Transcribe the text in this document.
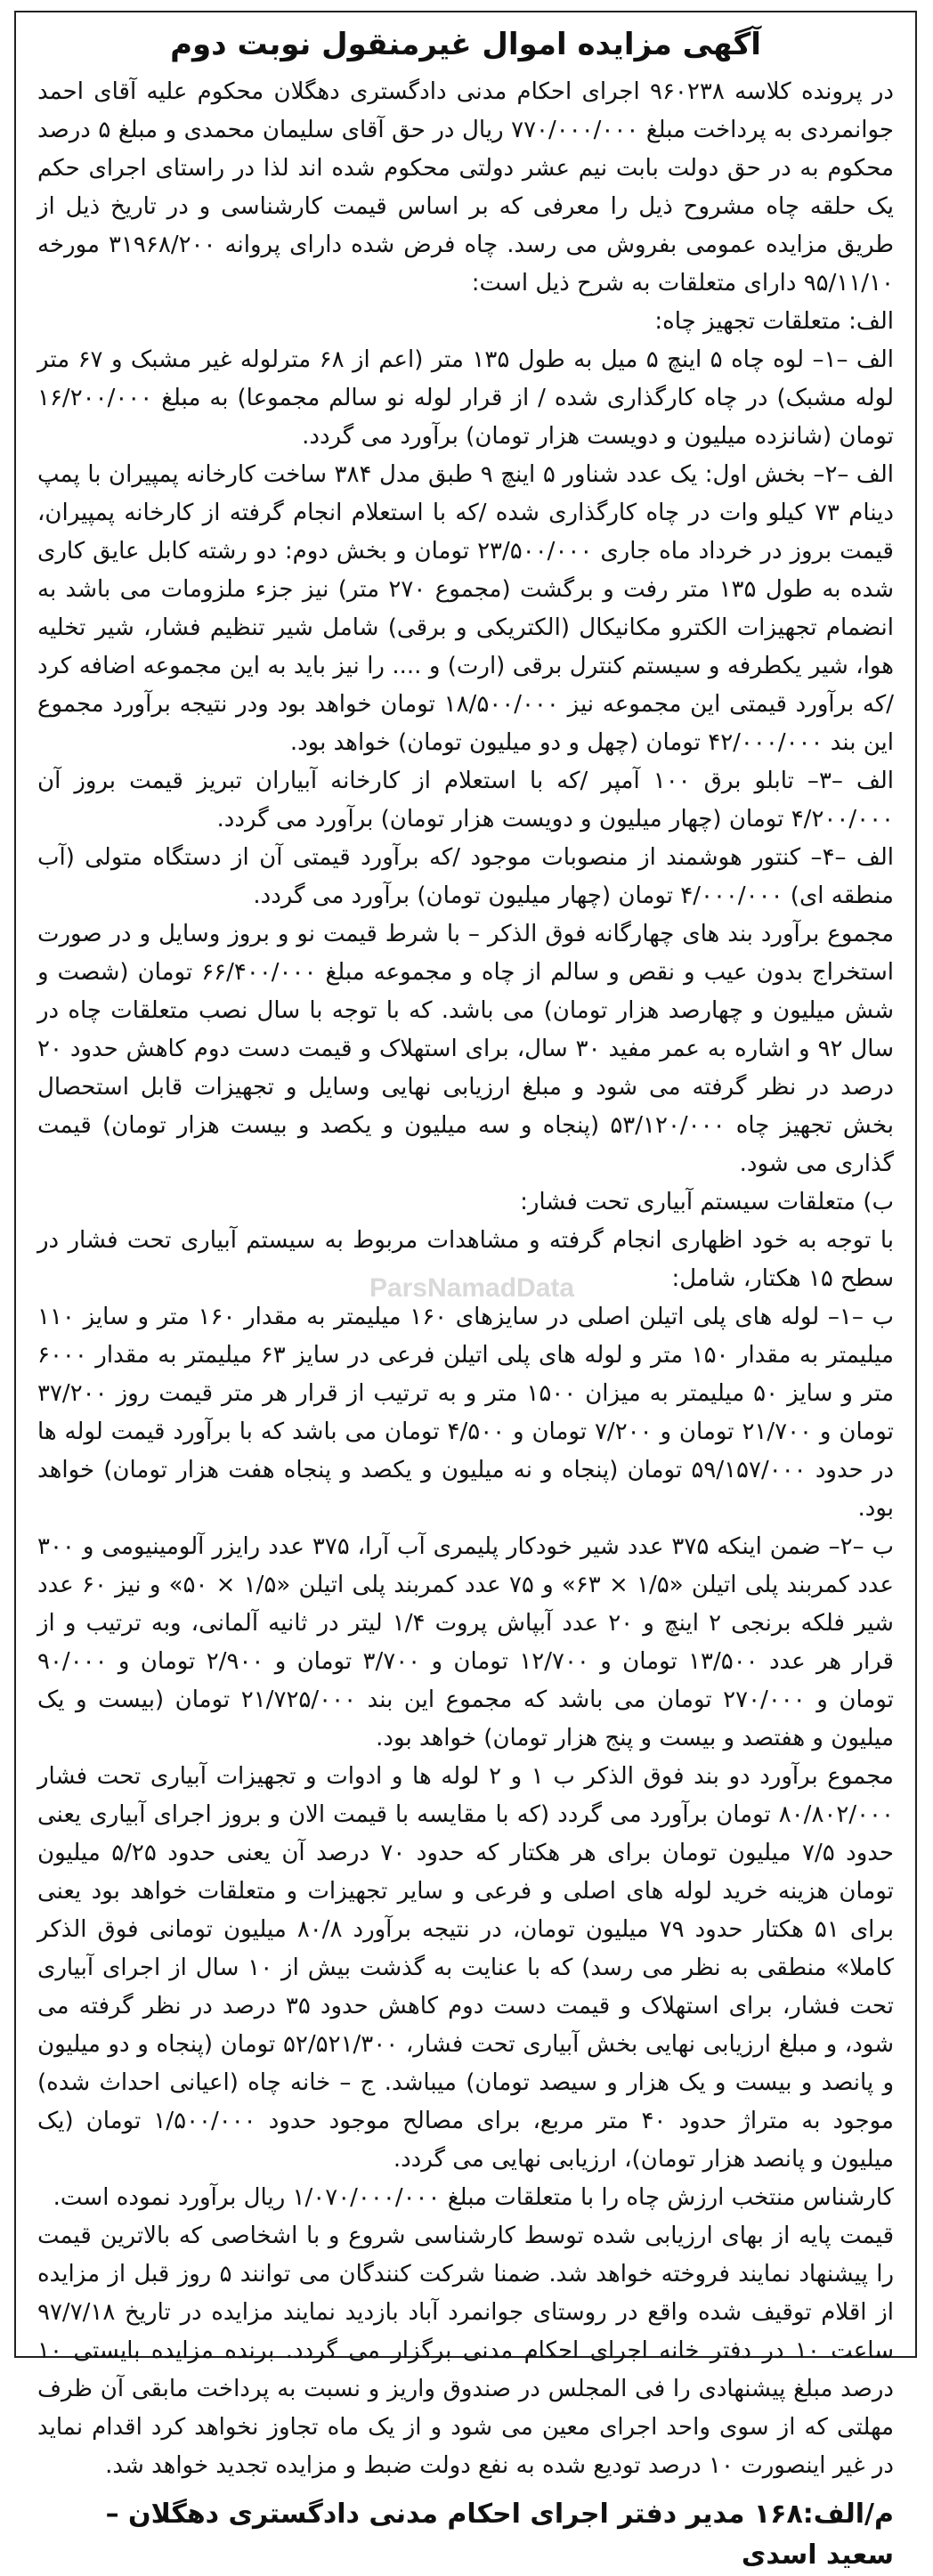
آگهی مزایده اموال غیرمنقول نوبت دوم

در پرونده کلاسه ۹۶۰۲۳۸ اجرای احکام مدنی دادگستری دهگلان محکوم علیه آقای احمد جوانمردی به پرداخت مبلغ ۷۷۰/۰۰۰/۰۰۰ ریال در حق آقای سلیمان محمدی و مبلغ ۵ درصد محکوم به در حق دولت بابت نیم عشر دولتی محکوم شده اند لذا در راستای اجرای حکم یک حلقه چاه مشروح ذیل را معرفی که بر اساس قیمت کارشناسی و در تاریخ ذیل از طریق مزایده عمومی بفروش می رسد. چاه فرض شده دارای پروانه ۳۱۹۶۸/۲۰۰ مورخه ۹۵/۱۱/۱۰ دارای متعلقات به شرح ذیل است:

الف: متعلقات تجهیز چاه:

الف –۱– لوه چاه ۵ اینچ ۵ میل به طول ۱۳۵ متر (اعم از ۶۸ مترلوله غیر مشبک و ۶۷ متر لوله مشبک) در چاه کارگذاری شده / از قرار لوله نو سالم مجموعا) به مبلغ ۱۶/۲۰۰/۰۰۰ تومان (شانزده میلیون و دویست هزار تومان) برآورد می گردد.

الف –۲– بخش اول: یک عدد شناور ۵ اینچ ۹ طبق مدل ۳۸۴ ساخت کارخانه پمپیران با پمپ دینام ۷۳ کیلو وات در چاه کارگذاری شده /که با استعلام انجام گرفته از کارخانه پمپیران، قیمت بروز در خرداد ماه جاری ۲۳/۵۰۰/۰۰۰ تومان و بخش دوم: دو رشته کابل عایق کاری شده به طول ۱۳۵ متر رفت و برگشت (مجموع ۲۷۰ متر) نیز جزء ملزومات می باشد به انضمام تجهیزات الکترو مکانیکال (الکتریکی و برقی) شامل شیر تنظیم فشار، شیر تخلیه هوا، شیر یکطرفه و سیستم کنترل برقی (ارت) و .... را نیز باید به این مجموعه اضافه کرد /که برآورد قیمتی این مجموعه نیز ۱۸/۵۰۰/۰۰۰ تومان خواهد بود ودر نتیجه برآورد مجموع این بند ۴۲/۰۰۰/۰۰۰ تومان (چهل و دو میلیون تومان) خواهد بود.

الف –۳– تابلو برق ۱۰۰ آمپر /که با استعلام از کارخانه آبیاران تبریز قیمت بروز آن ۴/۲۰۰/۰۰۰ تومان (چهار میلیون و دویست هزار تومان) برآورد می گردد.

الف –۴– کنتور هوشمند از منصوبات موجود /که برآورد قیمتی آن از دستگاه متولی (آب منطقه ای) ۴/۰۰۰/۰۰۰ تومان (چهار میلیون تومان) برآورد می گردد.

مجموع برآورد بند های چهارگانه فوق الذکر – با شرط قیمت نو و بروز وسایل و در صورت استخراج بدون عیب و نقص و سالم از چاه و مجموعه مبلغ ۶۶/۴۰۰/۰۰۰ تومان (شصت و شش میلیون و چهارصد هزار تومان) می باشد. که با توجه با سال نصب متعلقات چاه در سال ۹۲ و اشاره به عمر مفید ۳۰ سال، برای استهلاک و قیمت دست دوم کاهش حدود ۲۰ درصد در نظر گرفته می شود و مبلغ ارزیابی نهایی وسایل و تجهیزات قابل استحصال بخش تجهیز چاه ۵۳/۱۲۰/۰۰۰ (پنجاه و سه میلیون و یکصد و بیست هزار تومان) قیمت گذاری می شود.

ب) متعلقات سیستم آبیاری تحت فشار:

با توجه به خود اظهاری انجام گرفته و مشاهدات مربوط به سیستم آبیاری تحت فشار در سطح ۱۵ هکتار، شامل:

ب –۱– لوله های پلی اتیلن اصلی در سایزهای ۱۶۰ میلیمتر به مقدار ۱۶۰ متر و سایز ۱۱۰ میلیمتر به مقدار ۱۵۰ متر و لوله های پلی اتیلن فرعی در سایز ۶۳ میلیمتر به مقدار ۶۰۰۰ متر و سایز ۵۰ میلیمتر به میزان ۱۵۰۰ متر و به ترتیب از قرار هر متر قیمت روز ۳۷/۲۰۰ تومان و ۲۱/۷۰۰ تومان و ۷/۲۰۰ تومان و ۴/۵۰۰ تومان می باشد که با برآورد قیمت لوله ها در حدود ۵۹/۱۵۷/۰۰۰ تومان (پنجاه و نه میلیون و یکصد و پنجاه هفت هزار تومان) خواهد بود.

ب –۲– ضمن اینکه ۳۷۵ عدد شیر خودکار پلیمری آب آرا، ۳۷۵ عدد رایزر آلومینیومی و ۳۰۰ عدد کمربند پلی اتیلن «۱/۵ × ۶۳» و ۷۵ عدد کمربند پلی اتیلن «۱/۵ × ۵۰» و نیز ۶۰ عدد شیر فلکه برنجی ۲ اینچ و ۲۰ عدد آبپاش پروت ۱/۴ لیتر در ثانیه آلمانی، وبه ترتیب و از قرار هر عدد ۱۳/۵۰۰ تومان و ۱۲/۷۰۰ تومان و ۳/۷۰۰ تومان و ۲/۹۰۰ تومان و ۹۰/۰۰۰ تومان و ۲۷۰/۰۰۰ تومان می باشد که مجموع این بند ۲۱/۷۲۵/۰۰۰ تومان (بیست و یک میلیون و هفتصد و بیست و پنج هزار تومان) خواهد بود.

مجموع برآورد دو بند فوق الذکر ب ۱ و ۲ لوله ها و ادوات و تجهیزات آبیاری تحت فشار ۸۰/۸۰۲/۰۰۰ تومان برآورد می گردد (که با مقایسه با قیمت الان و بروز اجرای آبیاری یعنی حدود ۷/۵ میلیون تومان برای هر هکتار که حدود ۷۰ درصد آن یعنی حدود ۵/۲۵ میلیون تومان هزینه خرید لوله های اصلی و فرعی و سایر تجهیزات و متعلقات خواهد بود یعنی برای ۵۱ هکتار حدود ۷۹ میلیون تومان، در نتیجه برآورد ۸۰/۸ میلیون تومانی فوق الذکر کاملا» منطقی به نظر می رسد) که با عنایت به گذشت بیش از ۱۰ سال از اجرای آبیاری تحت فشار، برای استهلاک و قیمت دست دوم کاهش حدود ۳۵ درصد در نظر گرفته می شود، و مبلغ ارزیابی نهایی بخش آبیاری تحت فشار، ۵۲/۵۲۱/۳۰۰ تومان (پنجاه و دو میلیون و پانصد و بیست و یک هزار و سیصد تومان) میباشد. ج – خانه چاه (اعیانی احداث شده) موجود به متراژ حدود ۴۰ متر مربع، برای مصالح موجود حدود ۱/۵۰۰/۰۰۰ تومان (یک میلیون و پانصد هزار تومان)، ارزیابی نهایی می گردد.

کارشناس منتخب ارزش چاه را با متعلقات مبلغ ۱/۰۷۰/۰۰۰/۰۰۰ ریال برآورد نموده است.

قیمت پایه از بهای ارزیابی شده توسط کارشناسی شروع و با اشخاصی که بالاترین قیمت را پیشنهاد نمایند فروخته خواهد شد. ضمنا شرکت کنندگان می توانند ۵ روز قبل از مزایده از اقلام توقیف شده واقع در روستای جوانمرد آباد بازدید نمایند مزایده در تاریخ ۹۷/۷/۱۸ ساعت ۱۰ در دفتر خانه اجرای احکام مدنی برگزار می گردد. برنده مزایده بایستی ۱۰ درصد مبلغ پیشنهادی را فی المجلس در صندوق واریز و نسبت به پرداخت مابقی آن ظرف مهلتی که از سوی واحد اجرای معین می شود و از یک ماه تجاوز نخواهد کرد اقدام نماید در غیر اینصورت ۱۰ درصد تودیع شده به نفع دولت ضبط و مزایده تجدید خواهد شد.

م/الف:۱۶۸ مدیر دفتر اجرای احکام مدنی دادگستری دهگلان – سعید اسدی
ParsNamadData
